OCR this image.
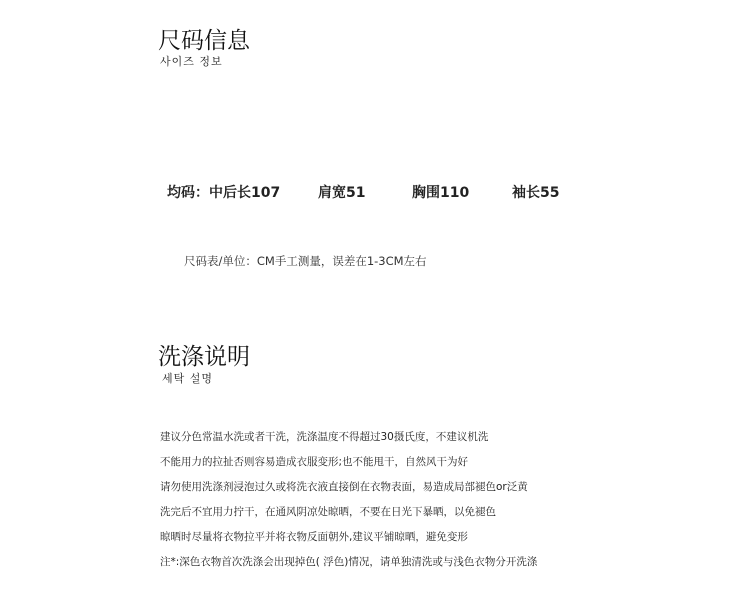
尺码信息
사이즈 정보
均码：中后长107	肩宽51	胸围110	袖长55
尺码表/单位：CM手工测量，误差在1-3CM左右
洗涤说明
세탁 설명
建议分色常温水洗或者干洗，洗涤温度不得超过30摄氏度，不建议机洗
不能用力的拉扯否则容易造成衣服变形;也不能甩干，自然风干为好
请勿使用洗涤剂浸泡过久或将洗衣液直接倒在衣物表面，易造成局部褪色or泛黄
洗完后不宜用力拧干，在通风阴凉处晾晒，不要在日光下暴晒，以免褪色
晾晒时尽量将衣物拉平并将衣物反面朝外,建议平铺晾晒，避免变形
注*:深色衣物首次洗涤会出现掉色( 浮色)情况，请单独清洗或与浅色衣物分开洗涤
